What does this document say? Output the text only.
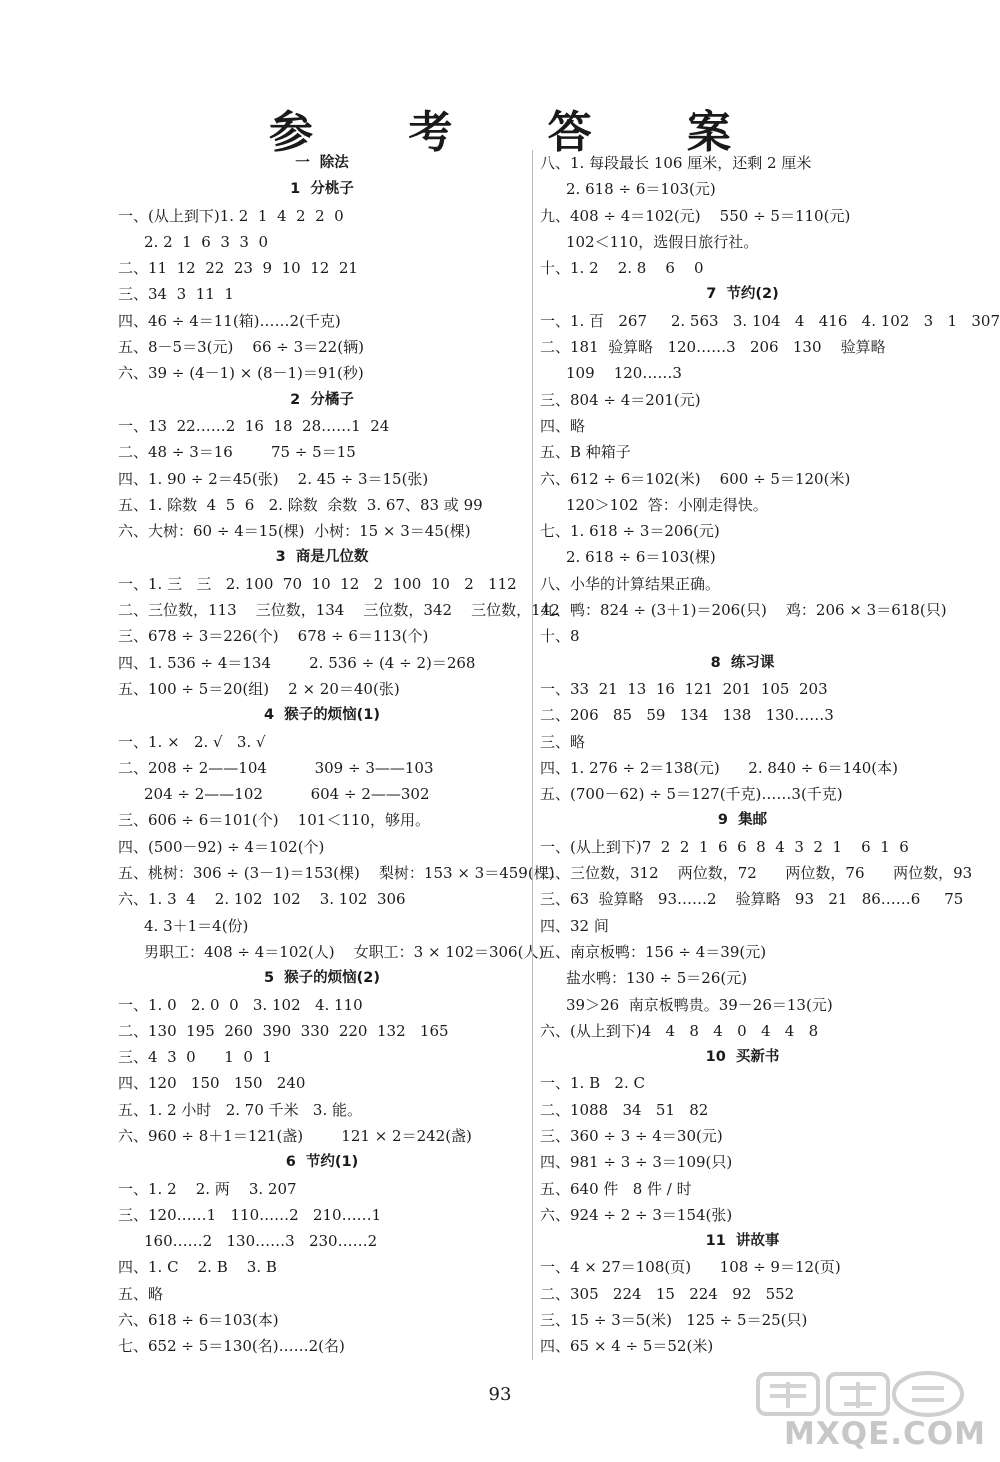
参 考 答 案
一  除法
1  分桃子
一、(从上到下)1. 2  1  4  2  2  0
2. 2  1  6  3  3  0
二、11  12  22  23  9  10  12  21
三、34  3  11  1
四、46 ÷ 4＝11(箱)……2(千克)
五、8－5＝3(元)    66 ÷ 3＝22(辆)
六、39 ÷ (4－1) × (8－1)＝91(秒)
2  分橘子
一、13  22……2  16  18  28……1  24
二、48 ÷ 3＝16        75 ÷ 5＝15
四、1. 90 ÷ 2＝45(张)    2. 45 ÷ 3＝15(张)
五、1. 除数  4  5  6   2. 除数  余数  3. 67、83 或 99
六、大树：60 ÷ 4＝15(棵)  小树：15 × 3＝45(棵)
3  商是几位数
一、1. 三   三   2. 100  70  10  12   2  100  10   2   112
二、三位数，113    三位数，134    三位数，342    三位数，142
三、678 ÷ 3＝226(个)    678 ÷ 6＝113(个)
四、1. 536 ÷ 4＝134        2. 536 ÷ (4 ÷ 2)＝268
五、100 ÷ 5＝20(组)    2 × 20＝40(张)
4  猴子的烦恼(1)
一、1. ×   2. √   3. √
二、208 ÷ 2——104          309 ÷ 3——103
204 ÷ 2——102          604 ÷ 2——302
三、606 ÷ 6＝101(个)    101＜110，够用。
四、(500－92) ÷ 4＝102(个)
五、桃树：306 ÷ (3－1)＝153(棵)    梨树：153 × 3＝459(棵)
六、1. 3  4    2. 102  102    3. 102  306
4. 3＋1＝4(份)
男职工：408 ÷ 4＝102(人)    女职工：3 × 102＝306(人)
5  猴子的烦恼(2)
一、1. 0   2. 0  0   3. 102   4. 110
二、130  195  260  390  330  220  132   165
三、4  3  0      1  0  1
四、120   150   150   240
五、1. 2 小时   2. 70 千米   3. 能。
六、960 ÷ 8＋1＝121(盏)        121 × 2＝242(盏)
6  节约(1)
一、1. 2    2. 两    3. 207
三、120……1   110……2   210……1
160……2   130……3   230……2
四、1. C    2. B    3. B
五、略
六、618 ÷ 6＝103(本)
七、652 ÷ 5＝130(名)……2(名)
八、1. 每段最长 106 厘米，还剩 2 厘米
2. 618 ÷ 6＝103(元)
九、408 ÷ 4＝102(元)    550 ÷ 5＝110(元)
102＜110，选假日旅行社。
十、1. 2    2. 8    6    0
7  节约(2)
一、1. 百   267     2. 563   3. 104   4   416   4. 102   3   1   307
二、181  验算略   120……3   206   130    验算略
109    120……3
三、804 ÷ 4＝201(元)
四、略
五、B 种箱子
六、612 ÷ 6＝102(米)    600 ÷ 5＝120(米)
120＞102  答：小刚走得快。
七、1. 618 ÷ 3＝206(元)
2. 618 ÷ 6＝103(棵)
八、小华的计算结果正确。
九、鸭：824 ÷ (3＋1)＝206(只)    鸡：206 × 3＝618(只)
十、8
8  练习课
一、33  21  13  16  121  201  105  203
二、206   85   59   134   138   130……3
三、略
四、1. 276 ÷ 2＝138(元)      2. 840 ÷ 6＝140(本)
五、(700－62) ÷ 5＝127(千克)……3(千克)
9  集邮
一、(从上到下)7  2  2  1  6  6  8  4  3  2  1    6  1  6
二、三位数，312    两位数，72      两位数，76      两位数，93
三、63  验算略   93……2    验算略   93   21   86……6     75
四、32 间
五、南京板鸭：156 ÷ 4＝39(元)
盐水鸭：130 ÷ 5＝26(元)
39＞26  南京板鸭贵。39－26＝13(元)
六、(从上到下)4   4   8   4   0   4   4   8
10  买新书
一、1. B   2. C
二、1088   34   51   82
三、360 ÷ 3 ÷ 4＝30(元)
四、981 ÷ 3 ÷ 3＝109(只)
五、640 件   8 件 / 时
六、924 ÷ 2 ÷ 3＝154(张)
11  讲故事
一、4 × 27＝108(页)      108 ÷ 9＝12(页)
二、305   224   15   224   92   552
三、15 ÷ 3＝5(米)   125 ÷ 5＝25(只)
四、65 × 4 ÷ 5＝52(米)
93
MXQE.COM
